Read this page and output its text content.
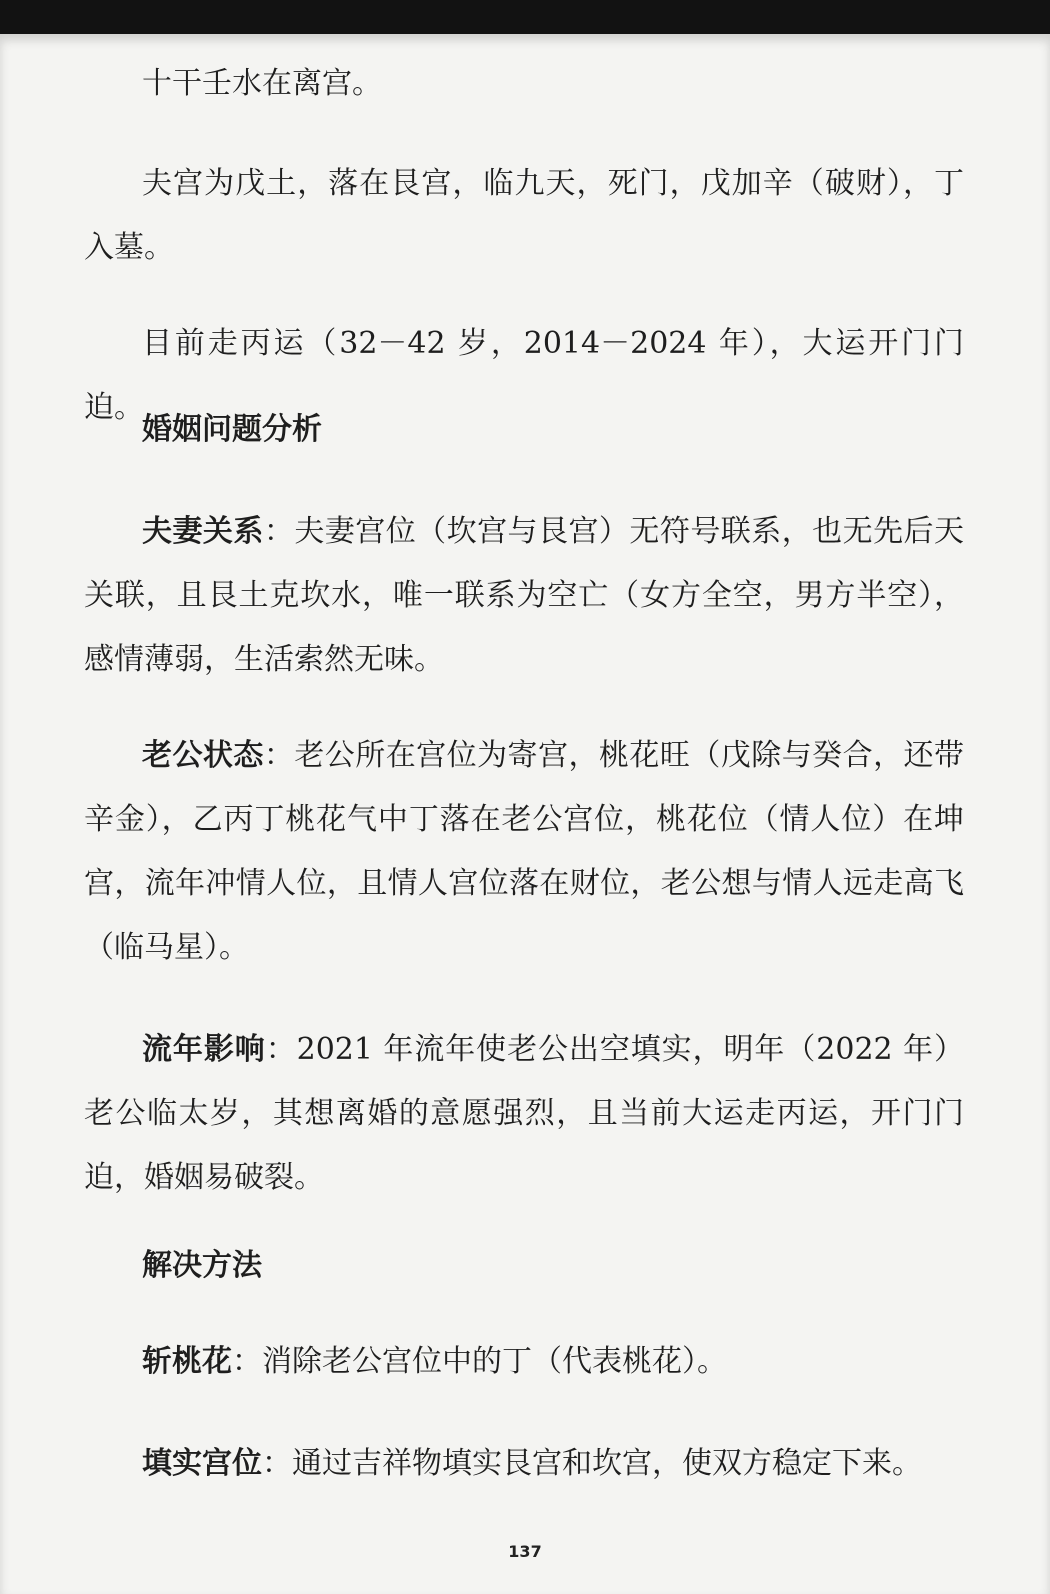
十干壬水在离宫。

夫宫为戊土，落在艮宫，临九天，死门，戊加辛（破财），丁入墓。

目前走丙运（32－42 岁，2014－2024 年），大运开门门迫。

婚姻问题分析

夫妻关系：夫妻宫位（坎宫与艮宫）无符号联系，也无先后天关联，且艮土克坎水，唯一联系为空亡（女方全空，男方半空），感情薄弱，生活索然无味。

老公状态：老公所在宫位为寄宫，桃花旺（戊除与癸合，还带辛金），乙丙丁桃花气中丁落在老公宫位，桃花位（情人位）在坤宫，流年冲情人位，且情人宫位落在财位，老公想与情人远走高飞（临马星）。

流年影响：2021 年流年使老公出空填实，明年（2022 年）老公临太岁，其想离婚的意愿强烈，且当前大运走丙运，开门门迫，婚姻易破裂。

解决方法

斩桃花：消除老公宫位中的丁（代表桃花）。

填实宫位：通过吉祥物填实艮宫和坎宫，使双方稳定下来。

137
